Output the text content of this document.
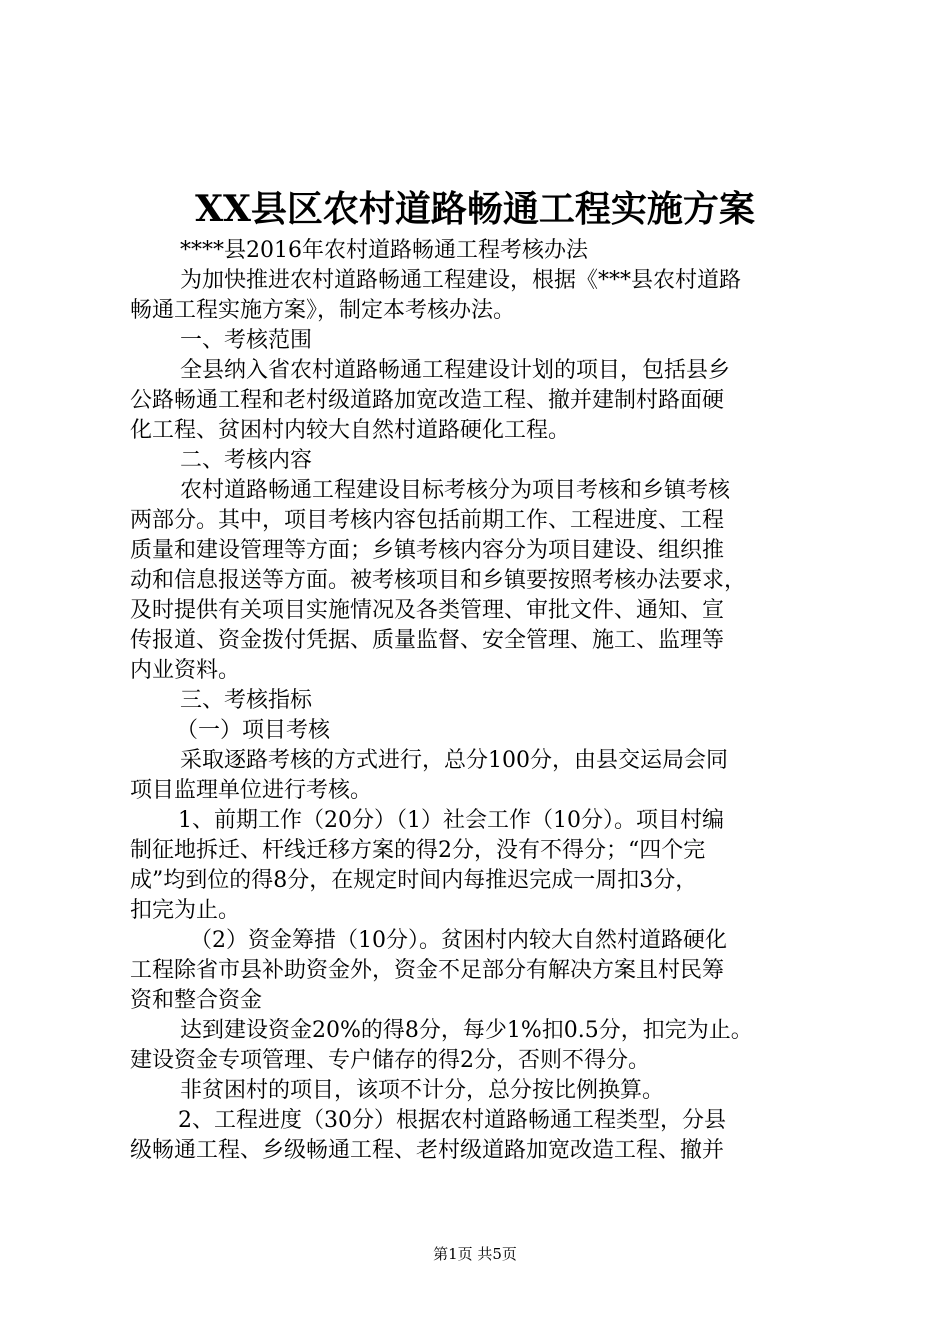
XX县区农村道路畅通工程实施方案
****县2016年农村道路畅通工程考核办法
为加快推进农村道路畅通工程建设，根据《***县农村道路
畅通工程实施方案》，制定本考核办法。
一、考核范围
全县纳入省农村道路畅通工程建设计划的项目，包括县乡
公路畅通工程和老村级道路加宽改造工程、撤并建制村路面硬
化工程、贫困村内较大自然村道路硬化工程。
二、考核内容
农村道路畅通工程建设目标考核分为项目考核和乡镇考核
两部分。其中，项目考核内容包括前期工作、工程进度、工程
质量和建设管理等方面；乡镇考核内容分为项目建设、组织推
动和信息报送等方面。被考核项目和乡镇要按照考核办法要求，
及时提供有关项目实施情况及各类管理、审批文件、通知、宣
传报道、资金拨付凭据、质量监督、安全管理、施工、监理等
内业资料。
三、考核指标
（一）项目考核
采取逐路考核的方式进行，总分100分，由县交运局会同
项目监理单位进行考核。
1、前期工作（20分）（1）社会工作（10分）。项目村编
制征地拆迁、杆线迁移方案的得2分，没有不得分；“四个完
成”均到位的得8分，在规定时间内每推迟完成一周扣3分，
扣完为止。
（2）资金筹措（10分）。贫困村内较大自然村道路硬化
工程除省市县补助资金外，资金不足部分有解决方案且村民筹
资和整合资金
达到建设资金20%的得8分，每少1%扣0.5分，扣完为止。
建设资金专项管理、专户储存的得2分，否则不得分。
非贫困村的项目，该项不计分，总分按比例换算。
2、工程进度（30分）根据农村道路畅通工程类型，分县
级畅通工程、乡级畅通工程、老村级道路加宽改造工程、撤并
第1页 共5页
